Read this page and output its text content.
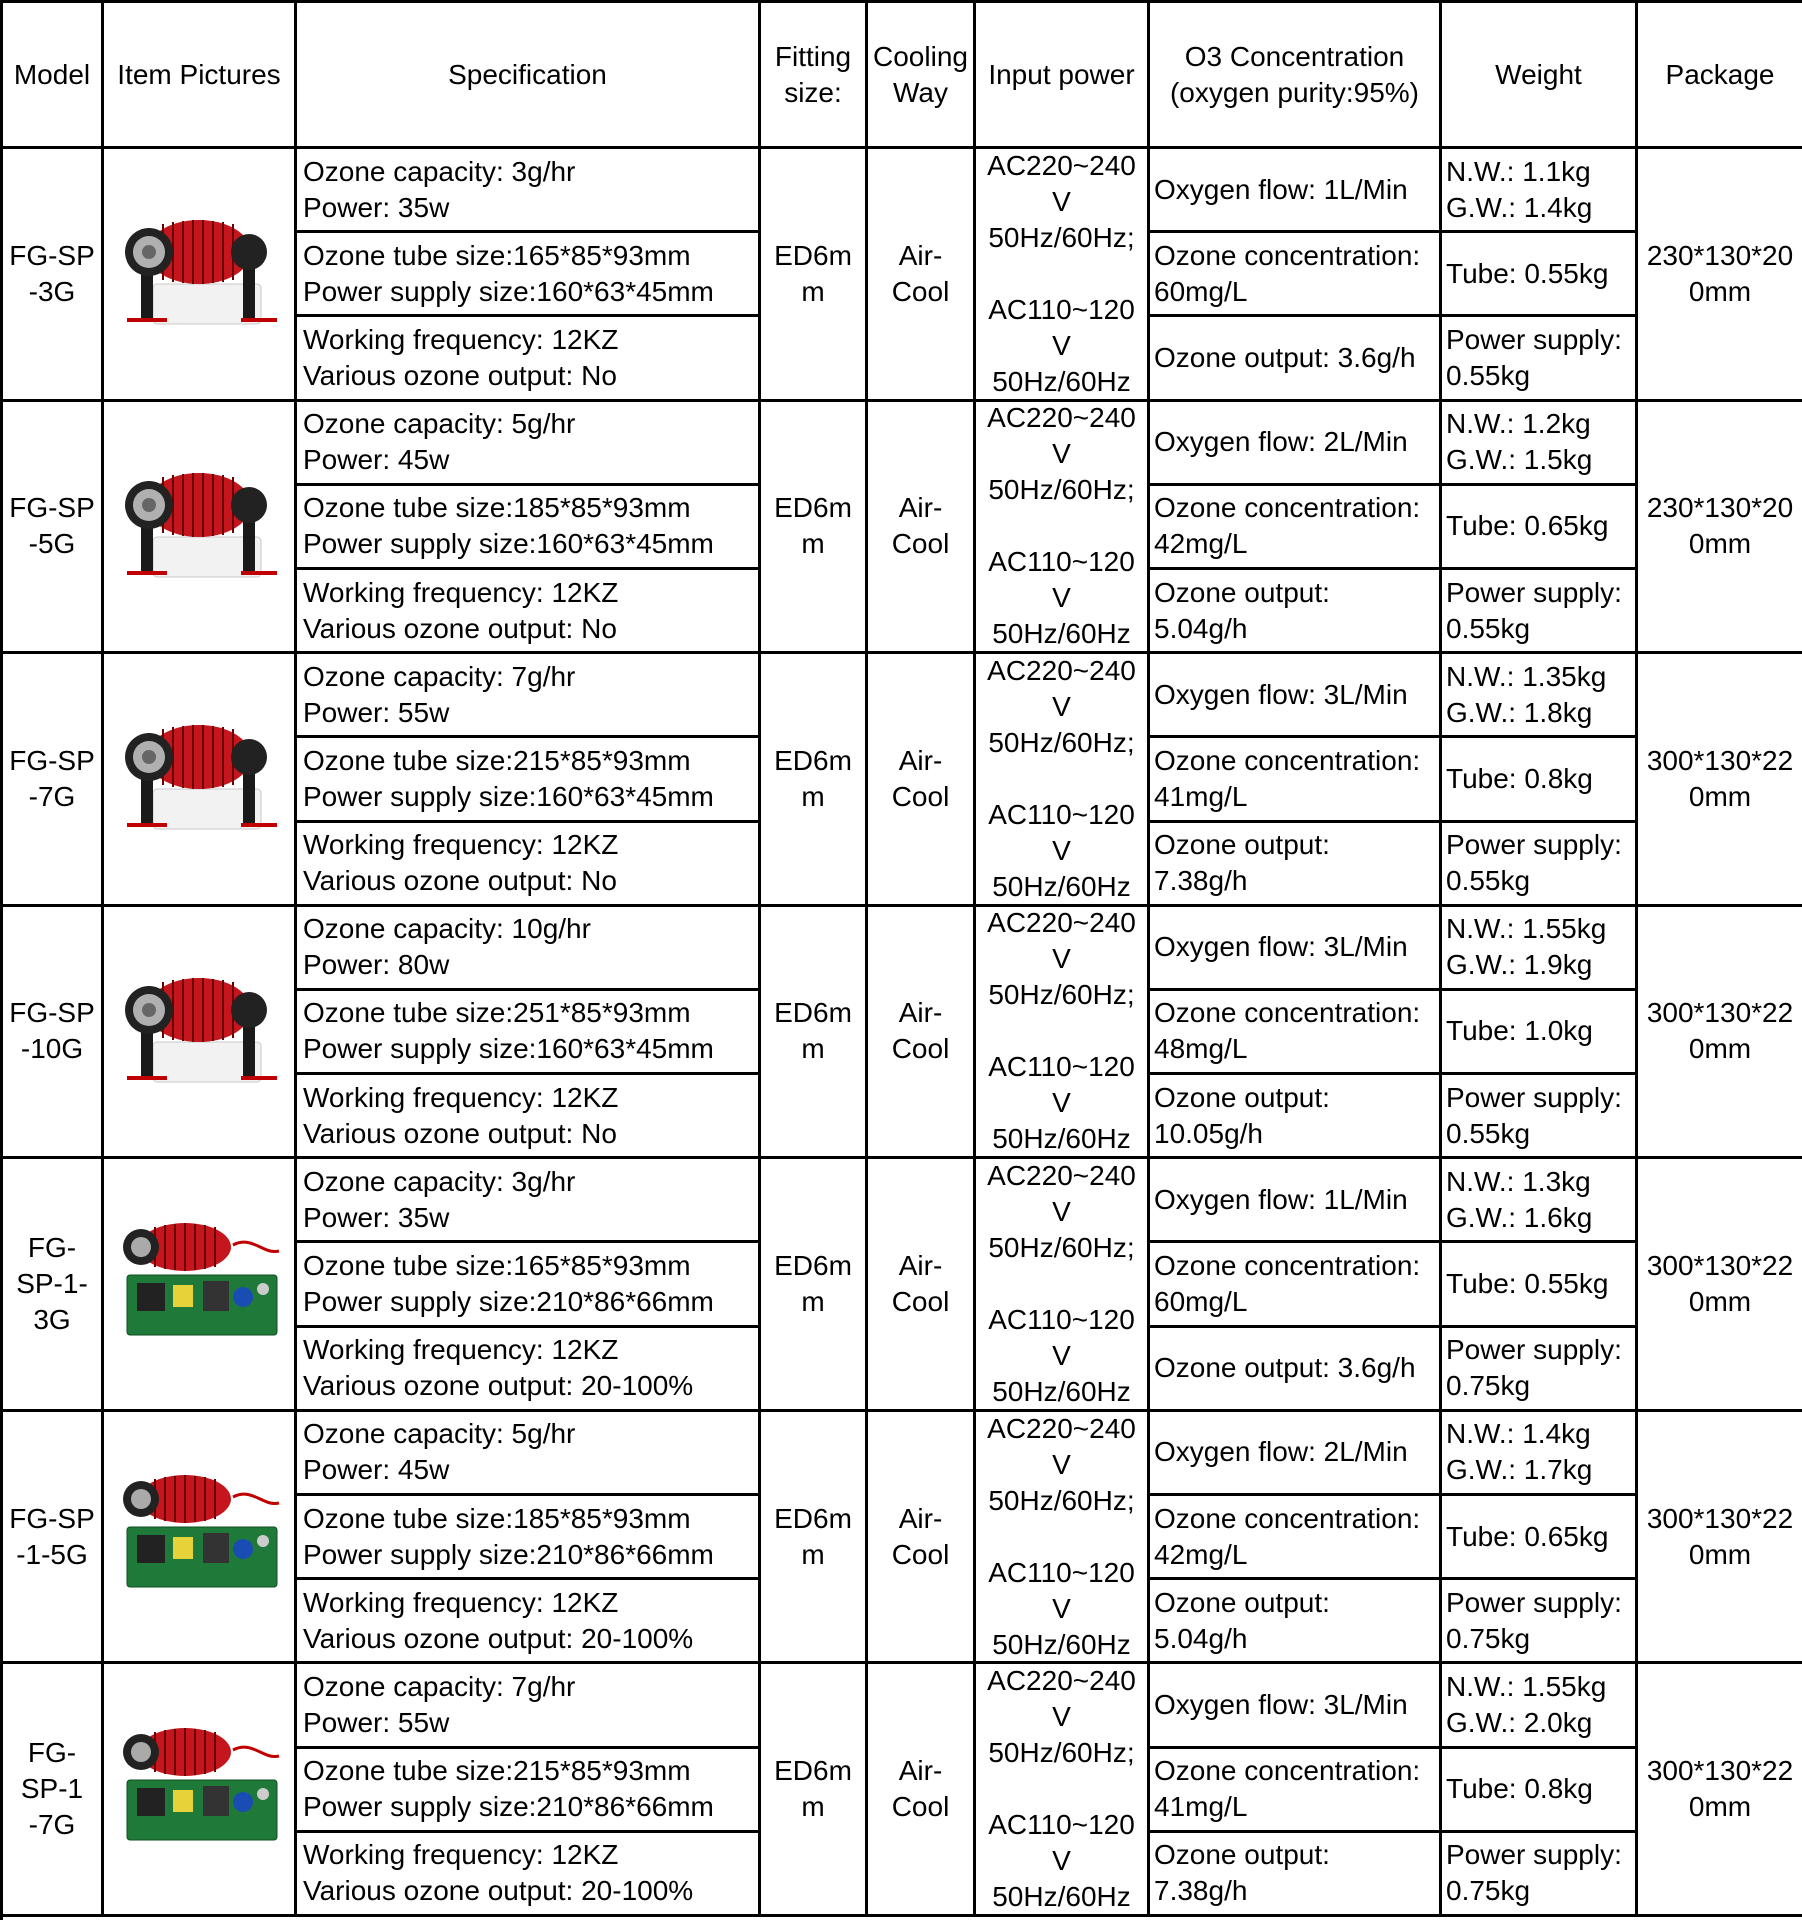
Model Item Pictures	Specification
Fitting
size:
Cooling
Way
Input power
O3 Concentration
(oxygen purity:95%)
Weight	Package
FG-SP
-3G
Ozone capacity: 3g/hr
Power: 35w
Ozone tube size:165*85*93mm
Power supply size:160*63*45mm
Working frequency: 12KZ
Various ozone output: No
ED6m
m
Air-
Cool
AC220~240
V
50Hz/60Hz;

AC110~120
V
50Hz/60Hz
Oxygen flow: 1L/Min
Ozone concentration:
60mg/L
Ozone output: 3.6g/h
N.W.: 1.1kg
G.W.: 1.4kg
Tube: 0.55kg
Power supply:
0.55kg
230*130*20
0mm
FG-SP
-5G
Ozone capacity: 5g/hr
Power: 45w
Ozone tube size:185*85*93mm
Power supply size:160*63*45mm
Working frequency: 12KZ
Various ozone output: No
ED6m
m
Air-
Cool
AC220~240
V
50Hz/60Hz;

AC110~120
V
50Hz/60Hz
Oxygen flow: 2L/Min
Ozone concentration:
42mg/L
Ozone output:
5.04g/h
N.W.: 1.2kg
G.W.: 1.5kg
Tube: 0.65kg
Power supply:
0.55kg
230*130*20
0mm
FG-SP
-7G
Ozone capacity: 7g/hr
Power: 55w
Ozone tube size:215*85*93mm
Power supply size:160*63*45mm
Working frequency: 12KZ
Various ozone output: No
ED6m
m
Air-
Cool
AC220~240
V
50Hz/60Hz;

AC110~120
V
50Hz/60Hz
Oxygen flow: 3L/Min
Ozone concentration:
41mg/L
Ozone output:
7.38g/h
N.W.: 1.35kg
G.W.: 1.8kg
Tube: 0.8kg
Power supply:
0.55kg
300*130*22
0mm
FG-SP
-10G
Ozone capacity: 10g/hr
Power: 80w
Ozone tube size:251*85*93mm
Power supply size:160*63*45mm
Working frequency: 12KZ
Various ozone output: No
ED6m
m
Air-
Cool
AC220~240
V
50Hz/60Hz;

AC110~120
V
50Hz/60Hz
Oxygen flow: 3L/Min
Ozone concentration:
48mg/L
Ozone output:
10.05g/h
N.W.: 1.55kg
G.W.: 1.9kg
Tube: 1.0kg
Power supply:
0.55kg
300*130*22
0mm
FG-
SP-1-
3G
Ozone capacity: 3g/hr
Power: 35w
Ozone tube size:165*85*93mm
Power supply size:210*86*66mm
Working frequency: 12KZ
Various ozone output: 20-100%
ED6m
m
Air-
Cool
AC220~240
V
50Hz/60Hz;

AC110~120
V
50Hz/60Hz
Oxygen flow: 1L/Min
Ozone concentration:
60mg/L
Ozone output: 3.6g/h
N.W.: 1.3kg
G.W.: 1.6kg
Tube: 0.55kg
Power supply:
0.75kg
300*130*22
0mm
FG-SP
-1-5G
Ozone capacity: 5g/hr
Power: 45w
Ozone tube size:185*85*93mm
Power supply size:210*86*66mm
Working frequency: 12KZ
Various ozone output: 20-100%
ED6m
m
Air-
Cool
AC220~240
V
50Hz/60Hz;

AC110~120
V
50Hz/60Hz
Oxygen flow: 2L/Min
Ozone concentration:
42mg/L
Ozone output:
5.04g/h
N.W.: 1.4kg
G.W.: 1.7kg
Tube: 0.65kg
Power supply:
0.75kg
300*130*22
0mm
FG-
SP-1
-7G
Ozone capacity: 7g/hr
Power: 55w
Ozone tube size:215*85*93mm
Power supply size:210*86*66mm
Working frequency: 12KZ
Various ozone output: 20-100%
ED6m
m
Air-
Cool
AC220~240
V
50Hz/60Hz;

AC110~120
V
50Hz/60Hz
Oxygen flow: 3L/Min
Ozone concentration:
41mg/L
Ozone output:
7.38g/h
N.W.: 1.55kg
G.W.: 2.0kg
Tube: 0.8kg
Power supply:
0.75kg
300*130*22
0mm
